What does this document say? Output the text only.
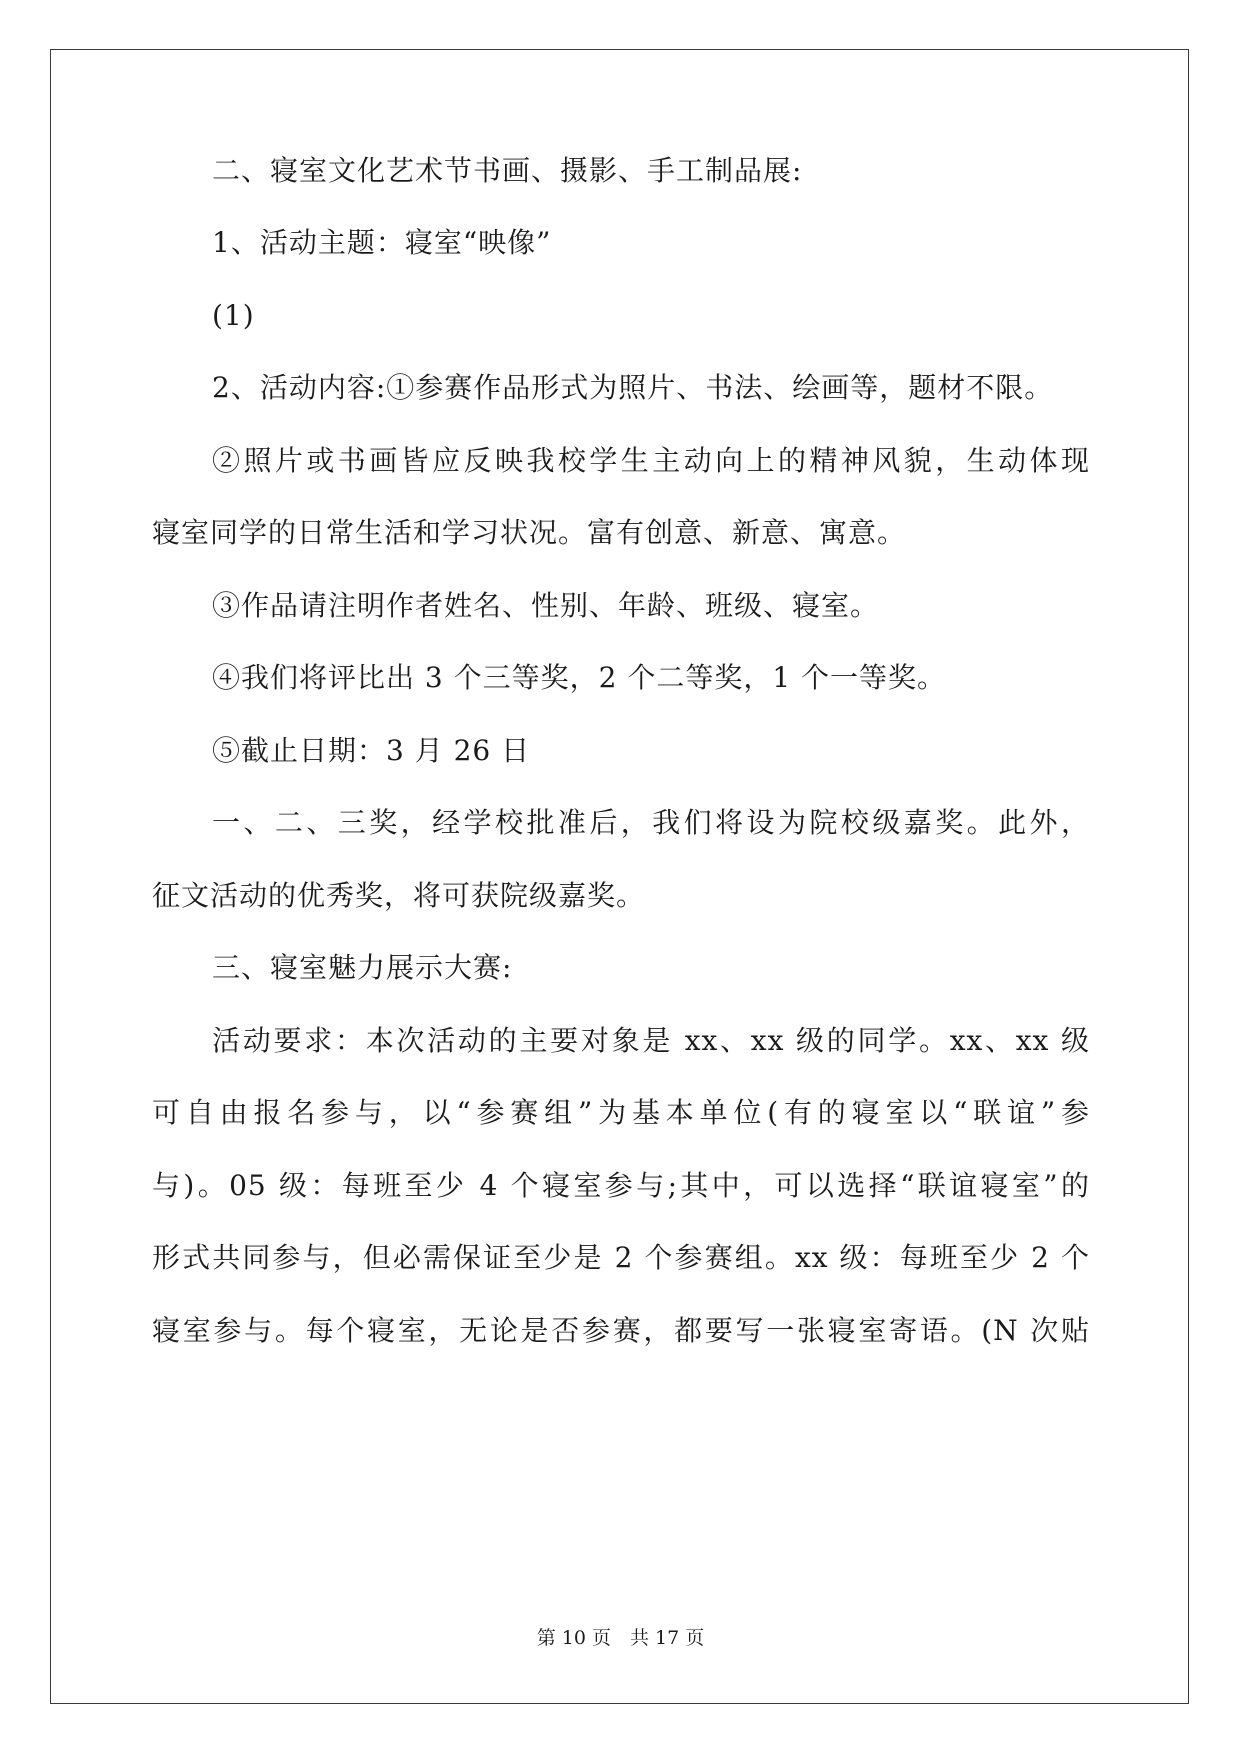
二、寝室文化艺术节书画、摄影、手工制品展:
1、活动主题：寝室“映像”
(1)
2、活动内容:①参赛作品形式为照片、书法、绘画等，题材不限。
②照片或书画皆应反映我校学生主动向上的精神风貌，生动体现
寝室同学的日常生活和学习状况。富有创意、新意、寓意。
③作品请注明作者姓名、性别、年龄、班级、寝室。
④我们将评比出 3 个三等奖，2 个二等奖，1 个一等奖。
⑤截止日期：3 月 26 日
一、二、三奖，经学校批准后，我们将设为院校级嘉奖。此外，
征文活动的优秀奖，将可获院级嘉奖。
三、寝室魅力展示大赛:
活动要求：本次活动的主要对象是 xx、xx 级的同学。xx、xx 级
可自由报名参与，以“参赛组”为基本单位(有的寝室以“联谊”参
与)。05 级：每班至少 4 个寝室参与;其中，可以选择“联谊寝室”的
形式共同参与，但必需保证至少是 2 个参赛组。xx 级：每班至少 2 个
寝室参与。每个寝室，无论是否参赛，都要写一张寝室寄语。(N 次贴
第 10 页　共 17 页
